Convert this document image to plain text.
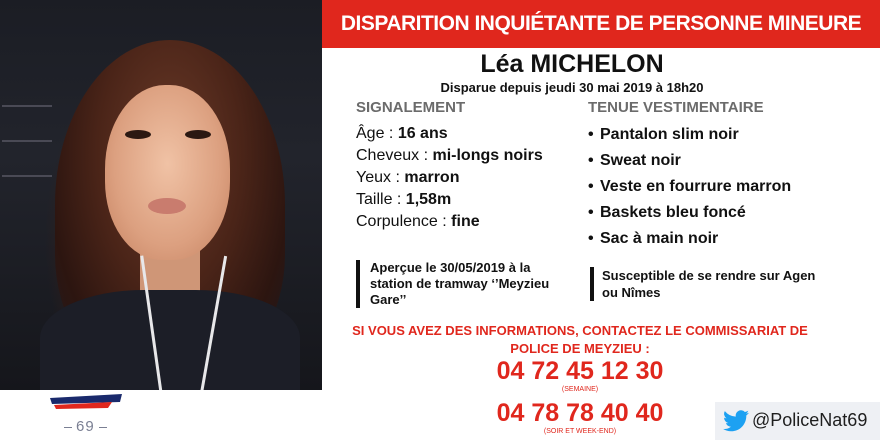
69
DISPARITION INQUIÉTANTE DE PERSONNE MINEURE
Léa MICHELON
Disparue depuis jeudi 30 mai 2019 à 18h20
SIGNALEMENT
Âge : 16 ans
Cheveux : mi-longs noirs
Yeux : marron
Taille : 1,58m
Corpulence : fine
TENUE VESTIMENTAIRE
• Pantalon slim noir
• Sweat noir
• Veste en fourrure marron
• Baskets bleu foncé
• Sac à main noir
Aperçue le 30/05/2019 à la station de tramway ‘’Meyzieu Gare’’
Susceptible de se rendre sur Agen ou Nîmes
SI VOUS AVEZ DES INFORMATIONS, CONTACTEZ LE COMMISSARIAT DE POLICE DE MEYZIEU :
04 72 45 12 30
(SEMAINE)
04 78 78 40 40
(SOIR ET WEEK-END)
@PoliceNat69
